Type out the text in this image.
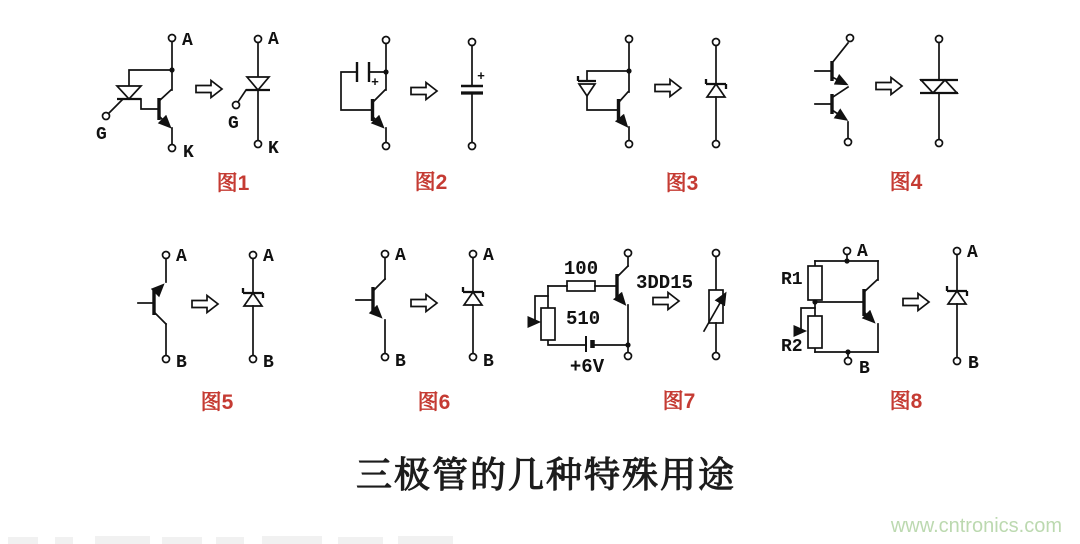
A
G
K
A
G
K
图1
+	+
图2	图3	图4
A
B
A
B
图5
A
B
A
B
图6
100
3DD15
510
+6V
图7
A
R1
R2
B
A
B
图8
三极管的几种特殊用途
www.cntronics.com
